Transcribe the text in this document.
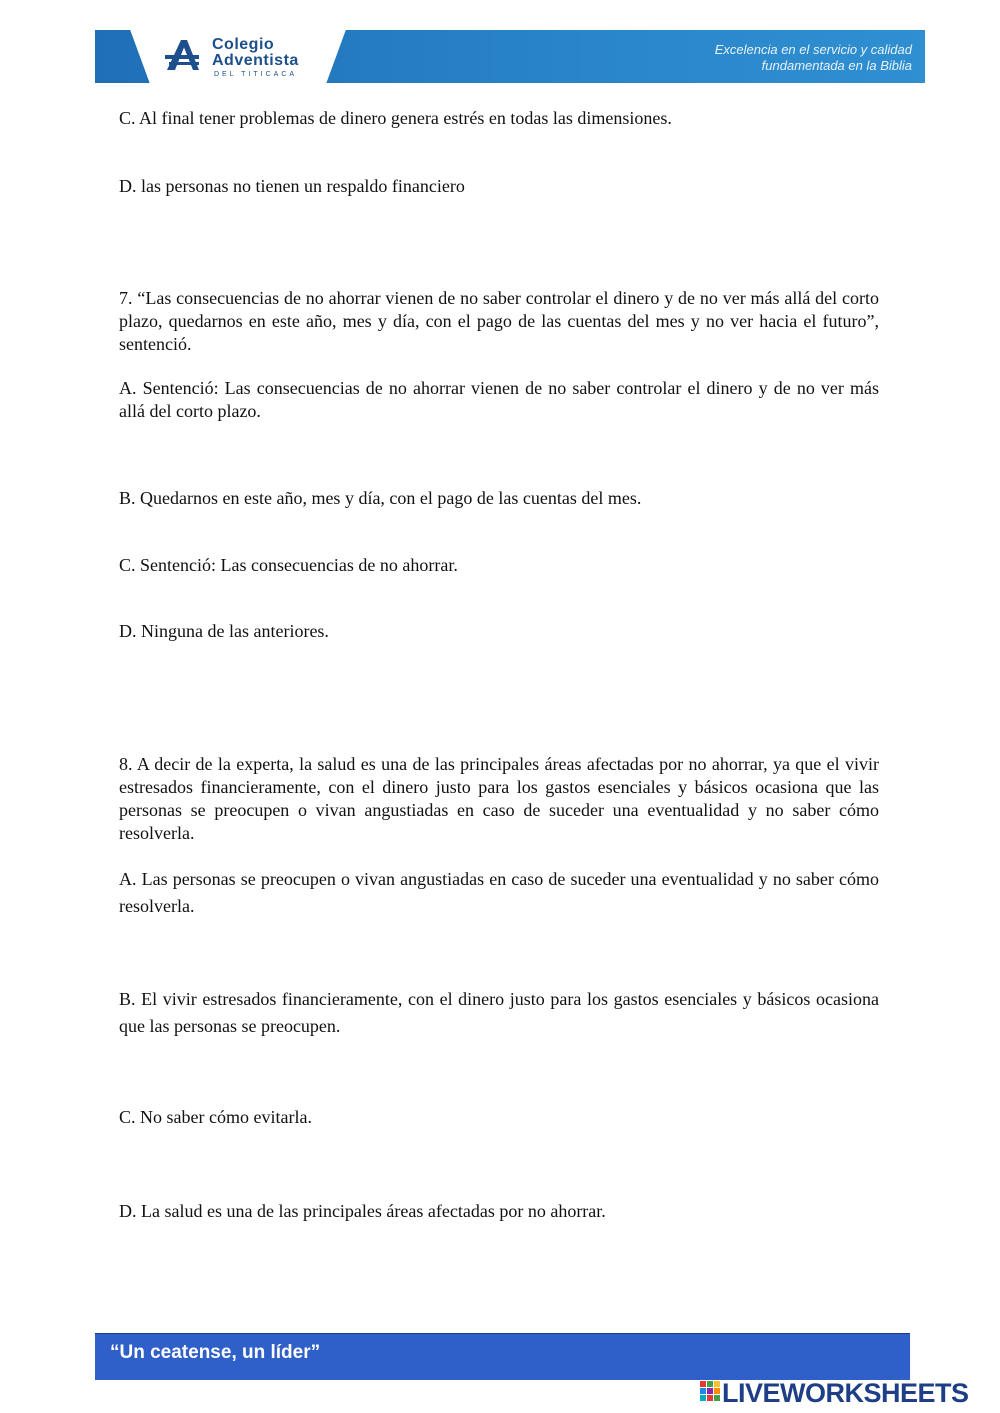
Colegio
Adventista
DEL TITICACA
Excelencia en el servicio y calidad
fundamentada en la Biblia
C. Al final tener problemas de dinero genera estrés en todas las dimensiones.
D. las personas no tienen un respaldo financiero
7. “Las consecuencias de no ahorrar vienen de no saber controlar el dinero y de no ver más allá del corto plazo, quedarnos en este año, mes y día, con el pago de las cuentas del mes y no ver hacia el futuro”, sentenció.
A. Sentenció: Las consecuencias de no ahorrar vienen de no saber controlar el dinero y de no ver más allá del corto plazo.
B. Quedarnos en este año, mes y día, con el pago de las cuentas del mes.
C. Sentenció: Las consecuencias de no ahorrar.
D. Ninguna de las anteriores.
8. A decir de la experta, la salud es una de las principales áreas afectadas por no ahorrar, ya que el vivir estresados financieramente, con el dinero justo para los gastos esenciales y básicos ocasiona que las personas se preocupen o vivan angustiadas en caso de suceder una eventualidad y no saber cómo resolverla.
A. Las personas se preocupen o vivan angustiadas en caso de suceder una eventualidad y no saber cómo resolverla.
B. El vivir estresados financieramente, con el dinero justo para los gastos esenciales y básicos ocasiona que las personas se preocupen.
C. No saber cómo evitarla.
D. La salud es una de las principales áreas afectadas por no ahorrar.
“Un ceatense, un líder”
LIVEWORKSHEETS
